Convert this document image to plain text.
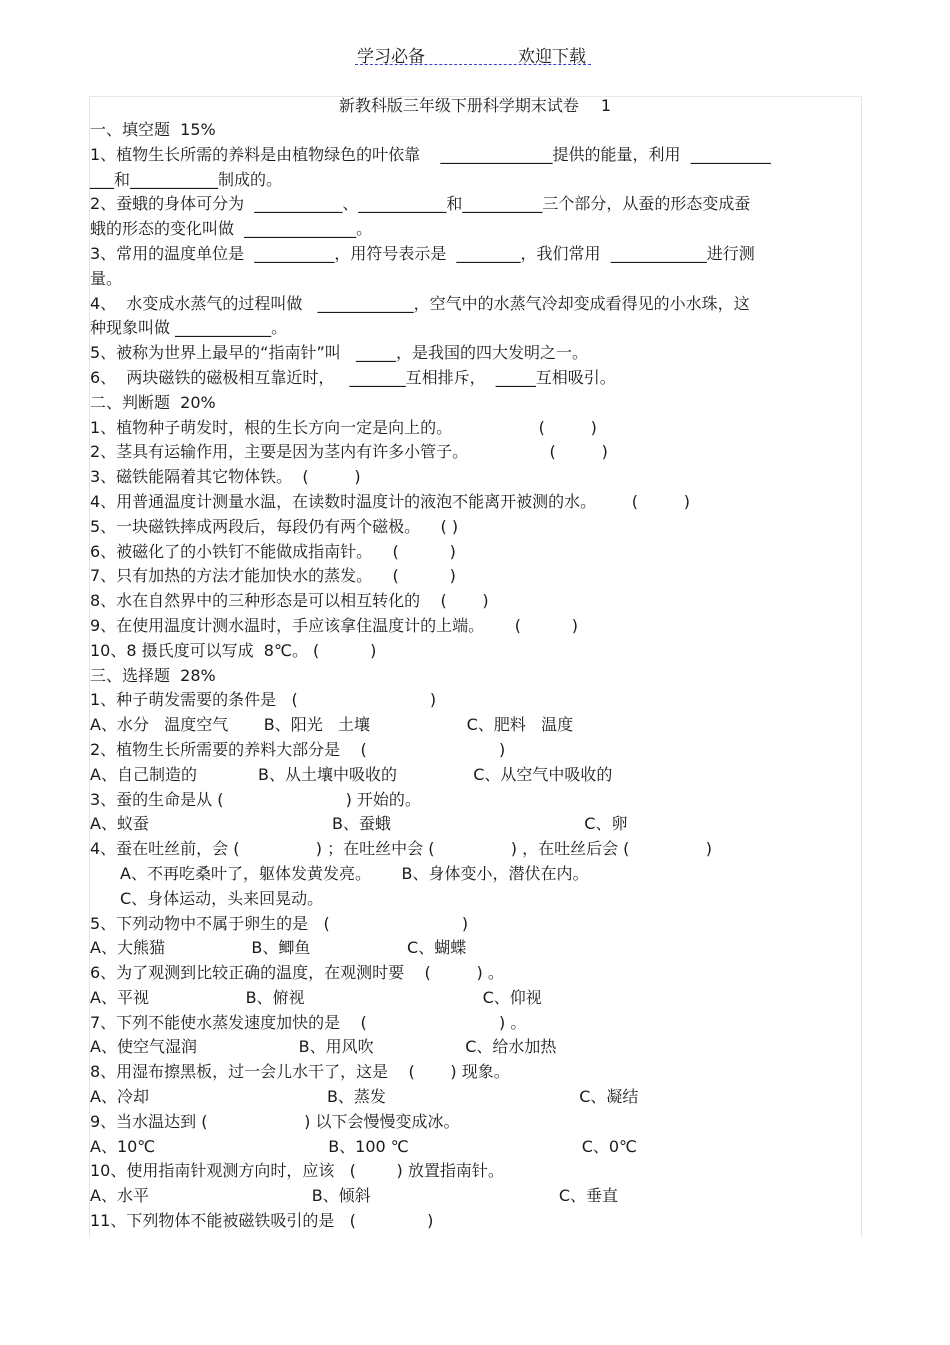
学习必备	欢迎下载
新教科版三年级下册科学期末试卷 1
一、填空题  15%
1、植物生长所需的养料是由植物绿色的叶依靠    ______________提供的能量，利用  __________
___和___________制成的。
2、蚕蛾的身体可分为  ___________、___________和__________三个部分，从蚕的形态变成蚕
蛾的形态的变化叫做  ______________。
3、常用的温度单位是  __________，用符号表示是  ________，我们常用  ____________进行测
量。
4、  水变成水蒸气的过程叫做   ____________，空气中的水蒸气冷却变成看得见的小水珠，这
种现象叫做 ____________。
5、被称为世界上最早的“指南针”叫   _____，是我国的四大发明之一。
6、  两块磁铁的磁极相互靠近时，   _______互相排斥，  _____互相吸引。
二、判断题  20%
1、植物种子萌发时，根的生长方向一定是向上的。                 (         )
2、茎具有运输作用，主要是因为茎内有许多小管子。                (         )
3、磁铁能隔着其它物体铁。  (         )
4、用普通温度计测量水温，在读数时温度计的液泡不能离开被测的水。       (         )
5、一块磁铁摔成两段后，每段仍有两个磁极。    ( )
6、被磁化了的小铁钉不能做成指南针。    (          )
7、只有加热的方法才能加快水的蒸发。    (          )
8、水在自然界中的三种形态是可以相互转化的    (       )
9、在使用温度计测水温时，手应该拿住温度计的上端。      (          )
10、8 摄氏度可以写成  8℃。 (          )
三、选择题  28%
1、种子萌发需要的条件是   (                          )
A、水分   温度空气       B、阳光   土壤                   C、肥料   温度
2、植物生长所需要的养料大部分是    (                          )
A、自己制造的            B、从土壤中吸收的               C、从空气中吸收的
3、蚕的生命是从 (                        ) 开始的。
A、蚁蚕                                    B、蚕蛾                                      C、卵
4、蚕在吐丝前，会 (               ) ；在吐丝中会 (               ) ，在吐丝后会 (               )
A、不再吃桑叶了，躯体发黄发亮。      B、身体变小，潜伏在内。
C、身体运动，头来回晃动。
5、下列动物中不属于卵生的是   (                          )
A、大熊猫                 B、鲫鱼                   C、蝴蝶
6、为了观测到比较正确的温度，在观测时要    (         ) 。
A、平视                   B、俯视                                   C、仰视
7、下列不能使水蒸发速度加快的是    (                          ) 。
A、使空气湿润                    B、用风吹                  C、给水加热
8、用湿布擦黑板，过一会儿水干了，这是    (       ) 现象。
A、冷却                                   B、蒸发                                      C、凝结
9、当水温达到 (                   ) 以下会慢慢变成冰。
A、10℃                                  B、100 ℃                                  C、0℃
10、使用指南针观测方向时，应该   (        ) 放置指南针。
A、水平                                B、倾斜                                     C、垂直
11、下列物体不能被磁铁吸引的是   (              )
